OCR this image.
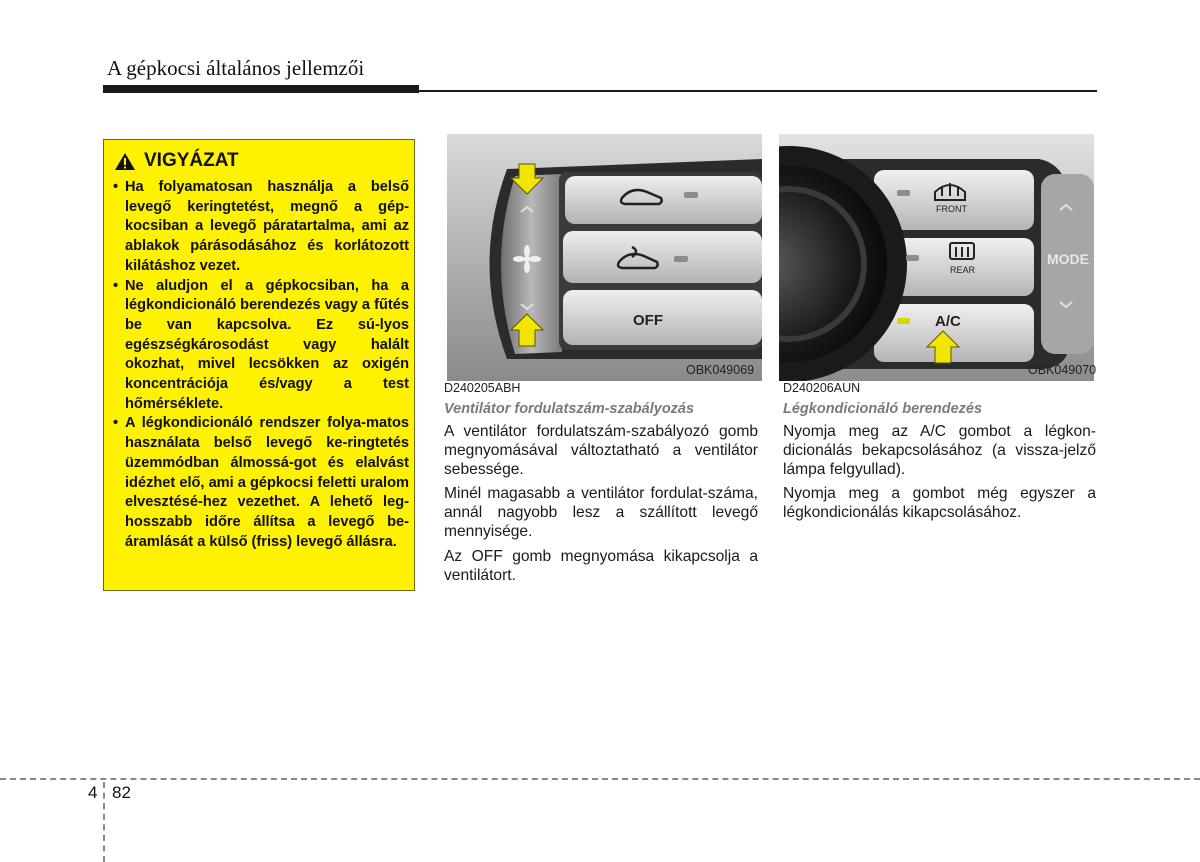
A gépkocsi általános jellemzői
VIGYÁZAT
• Ha folyamatosan használja a belső levegő keringtetést, megnő a gép-kocsiban a levegő páratartalma, ami az ablakok párásodásához és korlátozott kilátáshoz vezet.
• Ne aludjon el a gépkocsiban, ha a légkondicionáló berendezés vagy a fűtés be van kapcsolva. Ez sú-lyos egészségkárosodást vagy halált okozhat, mivel lecsökken az oxigén koncentrációja és/vagy a test hőmérséklete.
• A légkondicionáló rendszer folya-matos használata belső levegő ke-ringtetés üzemmódban álmossá-got és elalvást idézhet elő, ami a gépkocsi feletti uralom elvesztésé-hez vezethet. A lehető leg-hosszabb időre állítsa a levegő be-áramlását a külső (friss) levegő állásra.
OFF
OBK049069
FRONT
REAR
A/C
MODE
OBK049070

D240205ABH

Ventilátor fordulatszám-szabályozás

A ventilátor fordulatszám-szabályozó gomb megnyomásával változtatható a ventilátor sebessége.

Minél magasabb a ventilátor fordulat-száma, annál nagyobb lesz a szállított levegő mennyisége.

Az OFF gomb megnyomása kikapcsolja a ventilátort.

D240206AUN

Légkondicionáló berendezés

Nyomja meg az A/C gombot a légkon-dicionálás bekapcsolásához (a vissza-jelző lámpa felgyullad).

Nyomja meg a gombot még egyszer a légkondicionálás kikapcsolásához.

4 82
